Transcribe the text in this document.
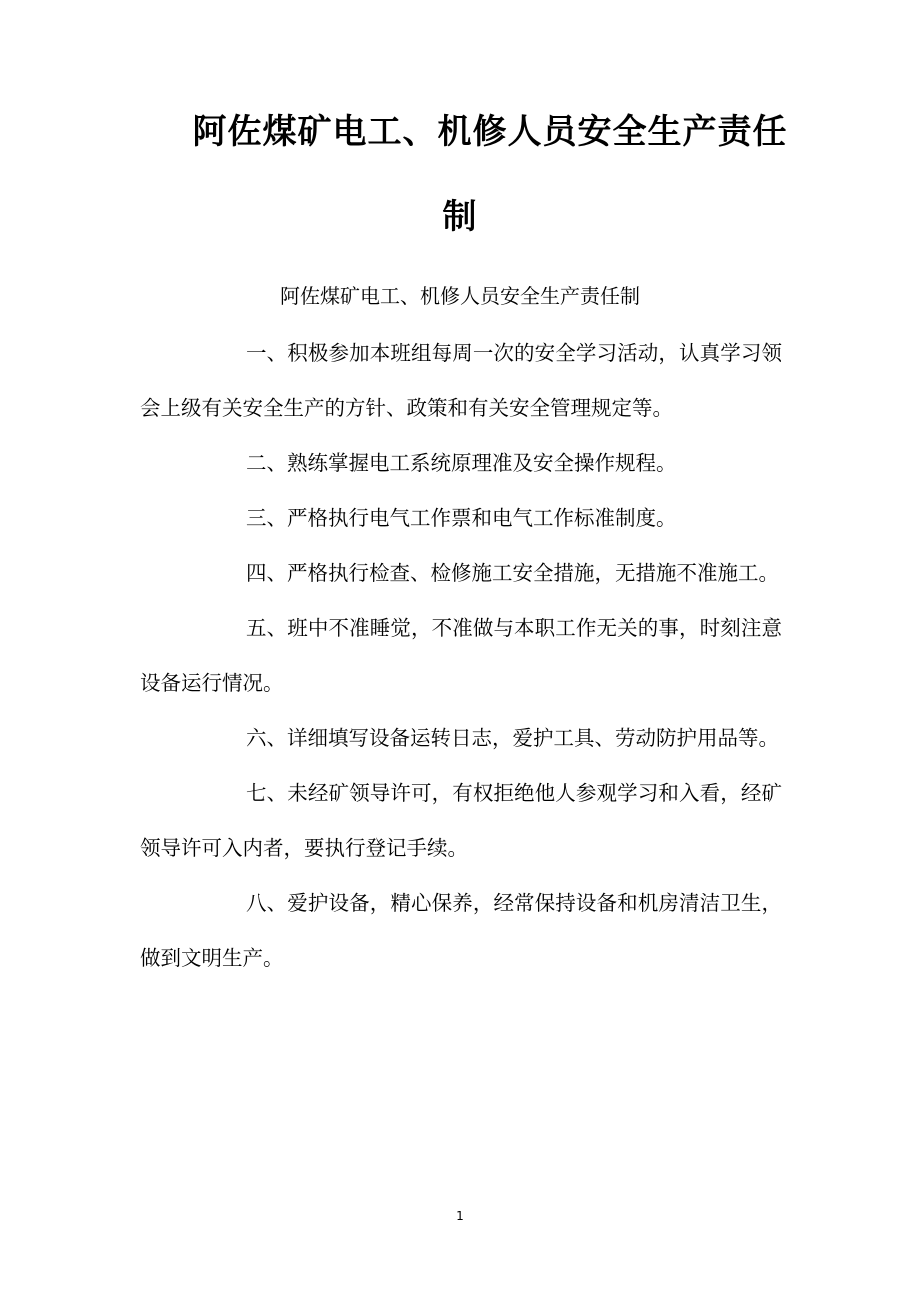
阿佐煤矿电工、机修人员安全生产责任
制
阿佐煤矿电工、机修人员安全生产责任制

一、积极参加本班组每周一次的安全学习活动，认真学习领会上级有关安全生产的方针、政策和有关安全管理规定等。

二、熟练掌握电工系统原理准及安全操作规程。

三、严格执行电气工作票和电气工作标准制度。

四、严格执行检查、检修施工安全措施，无措施不准施工。

五、班中不准睡觉，不准做与本职工作无关的事，时刻注意设备运行情况。

六、详细填写设备运转日志，爱护工具、劳动防护用品等。

七、未经矿领导许可，有权拒绝他人参观学习和入看，经矿领导许可入内者，要执行登记手续。

八、爱护设备，精心保养，经常保持设备和机房清洁卫生，做到文明生产。

1
